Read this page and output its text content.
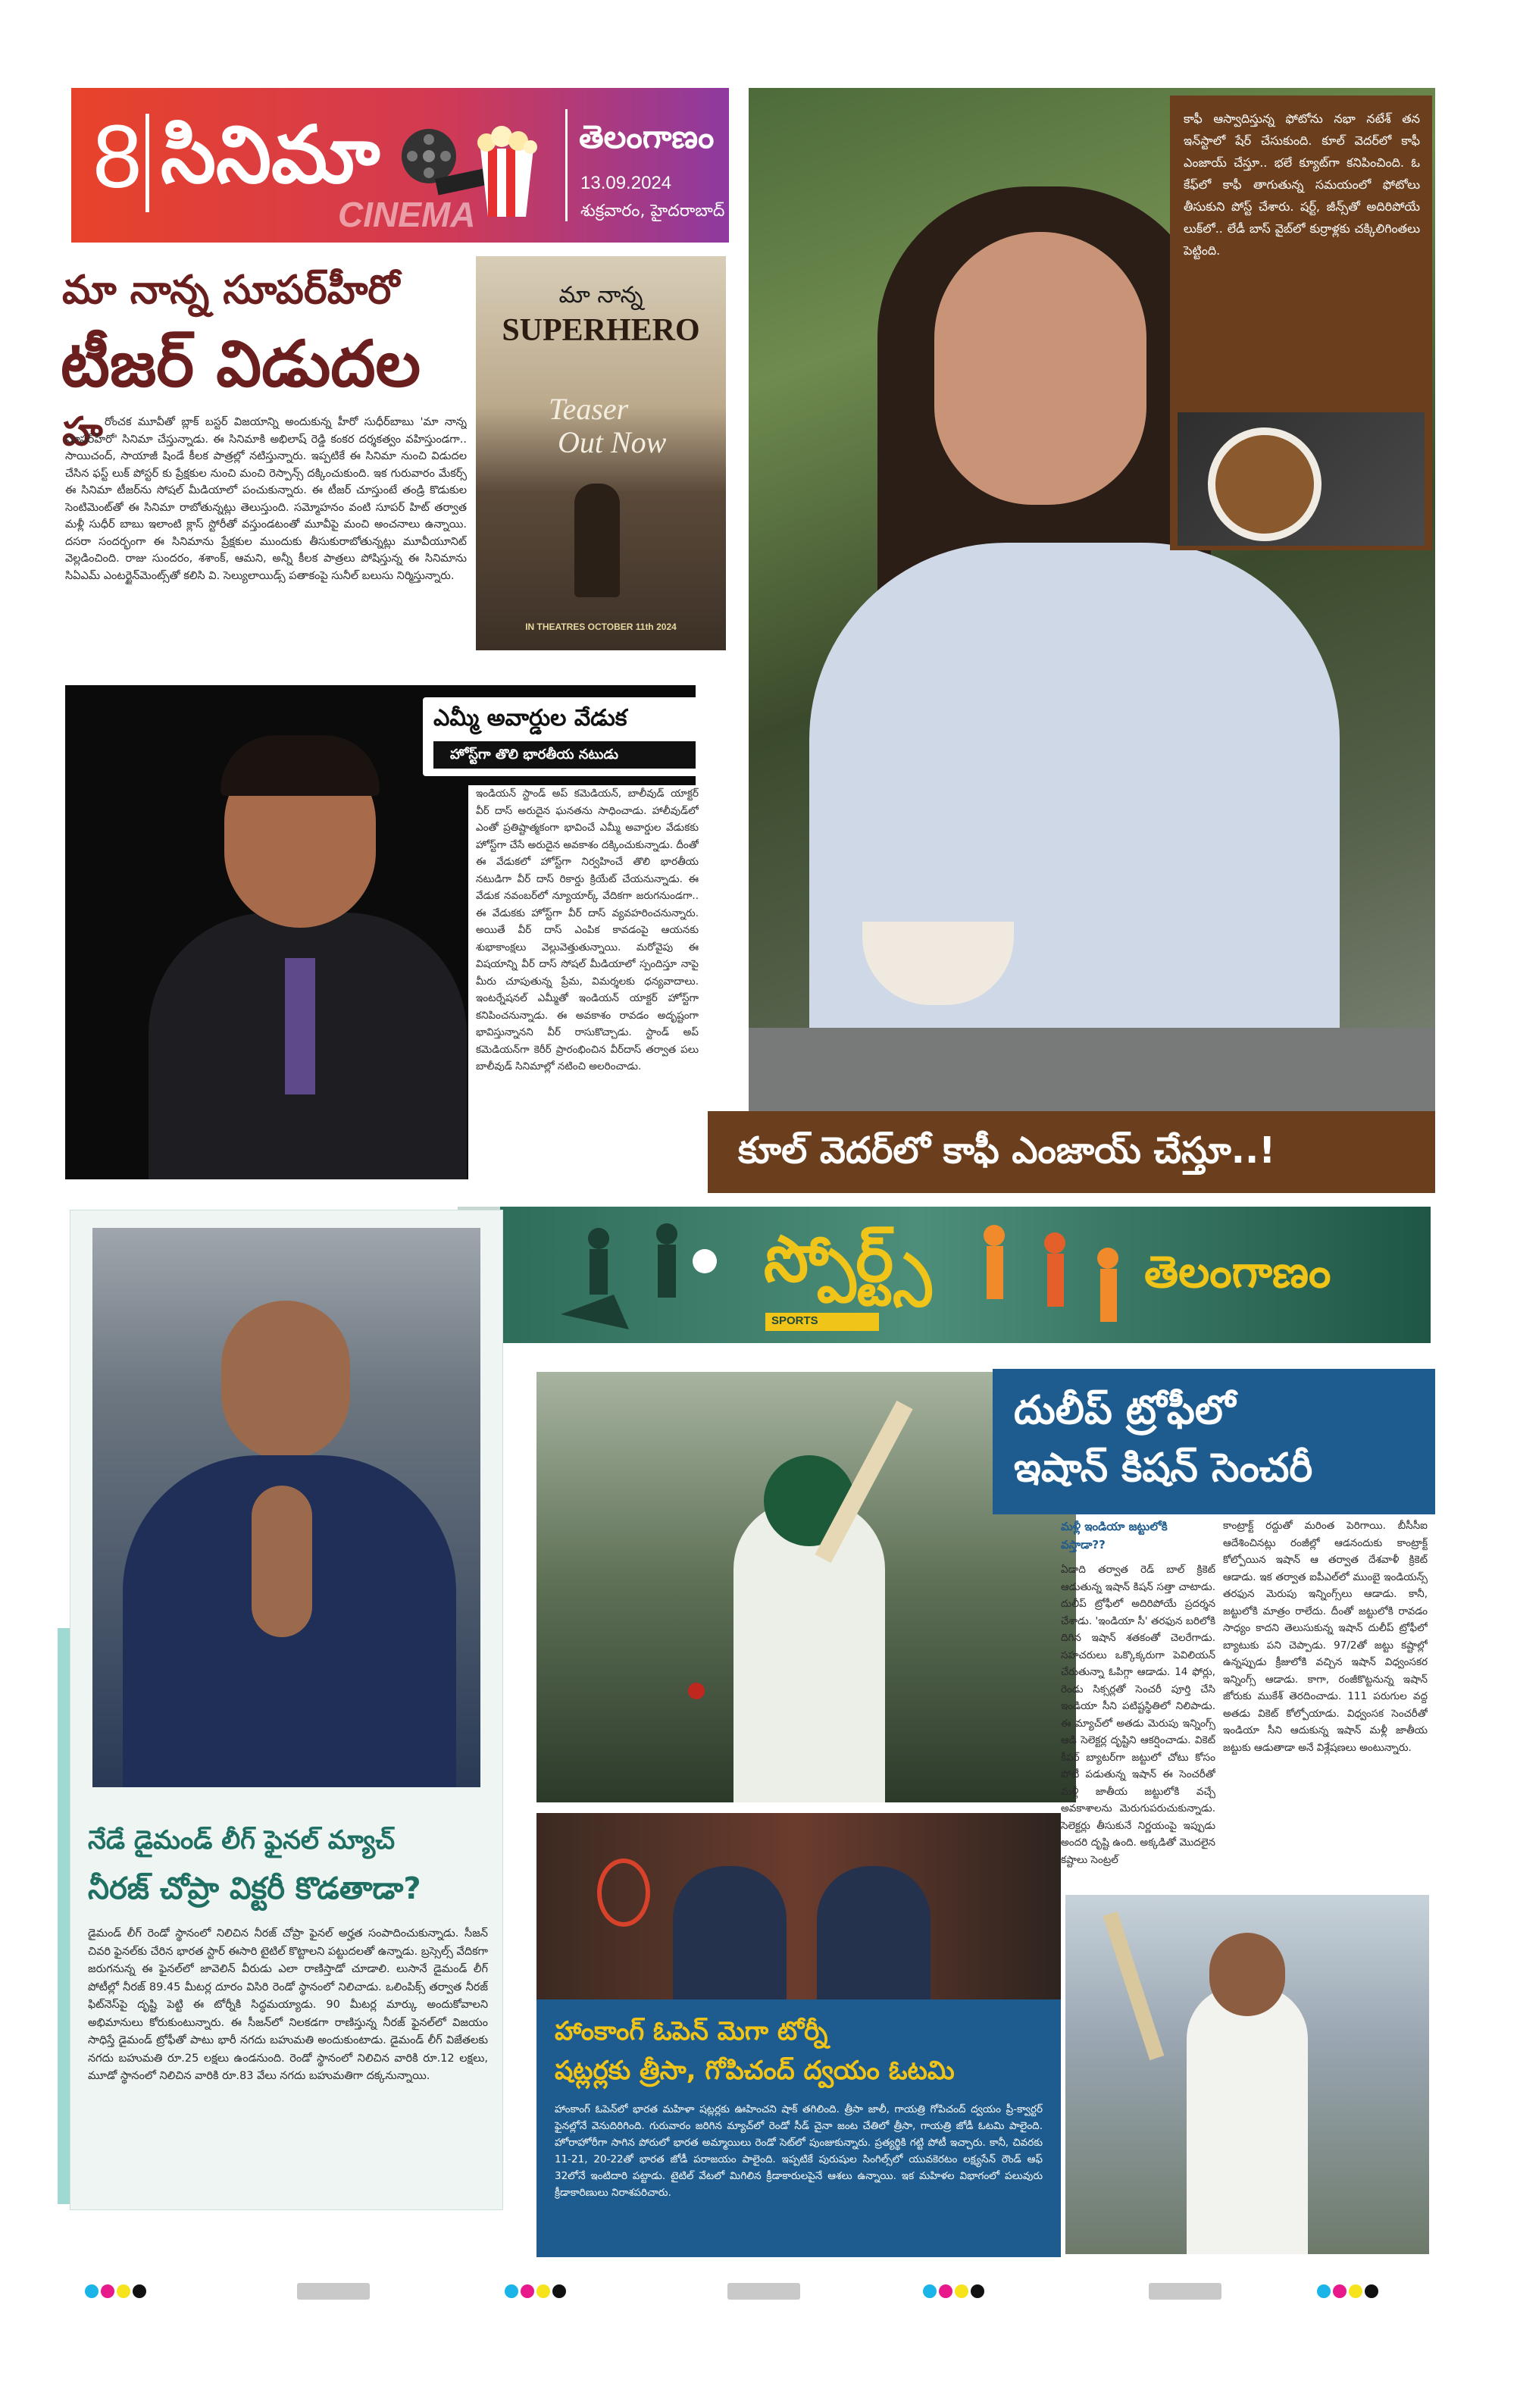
8 సినిమా
CINEMA
తెలంగాణం
13.09.2024
శుక్రవారం, హైదరాబాద్
మా నాన్న సూపర్‌హీరో
టీజర్ విడుదల
హ రోంచక మూవీతో బ్లాక్ బస్టర్ విజయాన్ని అందుకున్న హీరో సుధీర్‌బాబు 'మా నాన్న సూపర్‌హీరో' సినిమా చేస్తున్నాడు. ఈ సినిమాకి అభిలాష్ రెడ్డి కంకర దర్శకత్వం వహిస్తుండగా.. సాయిచంద్, సాయాజీ షిండే కీలక పాత్రల్లో నటిస్తున్నారు. ఇప్పటికే ఈ సినిమా నుంచి విడుదల చేసిన ఫస్ట్ లుక్ పోస్టర్ కు ప్రేక్షకుల నుంచి మంచి రెస్పాన్స్ దక్కించుకుంది. ఇక గురువారం మేకర్స్ ఈ సినిమా టీజర్‌ను సోషల్ మీడియాలో పంచుకున్నారు. ఈ టీజర్ చూస్తుంటే తండ్రి కొడుకుల సెంటిమెంట్‌తో ఈ సినిమా రాబోతున్నట్లు తెలుస్తుంది. సమ్మోహనం వంటి సూపర్ హిట్ తర్వాత మళ్లీ సుధీర్ బాబు ఇలాంటి క్లాస్ స్టోరీతో వస్తుండటంతో మూవీపై మంచి అంచనాలు ఉన్నాయి. దసరా సందర్భంగా ఈ సినిమాను ప్రేక్షకుల ముందుకు తీసుకురాబోతున్నట్లు మూవీయూనిట్ వెల్లడించింది. రాజు సుందరం, శశాంక్, ఆమని, అన్నీ కీలక పాత్రలు పోషిస్తున్న ఈ సినిమాను సిఏఎమ్ ఎంటర్టైన్‌మెంట్స్‌తో కలిసి వి. సెల్యులాయిడ్స్ పతాకంపై సునీల్ బలుసు నిర్మిస్తున్నారు.
మా నాన్న
SUPERHERO
Teaser
Out Now
IN THEATRES OCTOBER 11th 2024
కాఫీ ఆస్వాదిస్తున్న ఫోటోను నభా నటేశ్ తన ఇన్‌స్టాలో షేర్ చేసుకుంది. కూల్ వెదర్‌లో కాఫీ ఎంజాయ్ చేస్తూ.. భలే క్యూట్‌గా కనిపించింది. ఓ కేఫ్‌లో కాఫీ తాగుతున్న సమయంలో ఫోటోలు తీసుకుని పోస్ట్ చేశారు. షర్ట్, జీన్స్‌తో అదిరిపోయే లుక్‌లో.. లేడీ బాస్ వైబ్‌లో కుర్రాళ్లకు చక్కిలిగింతలు పెట్టింది.
కూల్ వెదర్‌లో కాఫీ ఎంజాయ్ చేస్తూ..!
ఎమ్మీ అవార్డుల వేడుక
హోస్ట్‌గా తొలి భారతీయ నటుడు
ఇండియన్ స్టాండ్ అప్ కమెడియన్, బాలీవుడ్ యాక్టర్ వీర్ దాస్ అరుదైన ఘనతను సాధించాడు. హాలీవుడ్‌లో ఎంతో ప్రతిష్టాత్మకంగా భావించే ఎమ్మీ అవార్డుల వేడుకకు హోస్ట్‌గా చేసే అరుదైన అవకాశం దక్కించుకున్నాడు. దీంతో ఈ వేడుకలో హోస్ట్‌గా నిర్వహించే తొలి భారతీయ నటుడిగా వీర్ దాస్ రికార్డు క్రియేట్ చేయనున్నాడు. ఈ వేడుక నవంబర్‌లో న్యూయార్క్ వేదికగా జరుగనుండగా.. ఈ వేడుకకు హోస్ట్‌గా వీర్ దాస్ వ్యవహరించనున్నారు. అయితే వీర్ దాస్ ఎంపిక కావడంపై ఆయనకు శుభాకాంక్షలు వెల్లువెత్తుతున్నాయి. మరోవైపు ఈ విషయాన్ని వీర్ దాస్ సోషల్ మీడియాలో స్పందిస్తూ నాపై మీరు చూపుతున్న ప్రేమ, విమర్శలకు ధన్యవాదాలు. ఇంటర్నేషనల్ ఎమ్మీతో ఇండియన్ యాక్టర్ హోస్ట్‌గా కనిపించనున్నాడు. ఈ అవకాశం రావడం అదృష్టంగా భావిస్తున్నానని వీర్ రాసుకొచ్చాడు. స్టాండ్ అప్ కమెడియన్‌గా కెరీర్ ప్రారంభించిన వీర్‌దాస్ తర్వాత పలు బాలీవుడ్ సినిమాల్లో నటించి అలరించాడు.
స్పోర్ట్స్
SPORTS
తెలంగాణం
నేడే డైమండ్ లీగ్ ఫైనల్ మ్యాచ్
నీరజ్ చోప్రా విక్టరీ కొడతాడా?
డైమండ్ లీగ్ రెండో స్థానంలో నిలిచిన నీరజ్ చోప్రా ఫైనల్ అర్హత సంపాదించుకున్నాడు. సీజన్ చివరి ఫైనల్‌కు చేరిన భారత స్టార్ ఈసారి టైటిల్ కొట్టాలని పట్టుదలతో ఉన్నాడు. బ్రస్సెల్స్ వేదికగా జరుగనున్న ఈ ఫైనల్‌లో జావెలిన్ వీరుడు ఎలా రాణిస్తాడో చూడాలి. లుసానే డైమండ్ లీగ్ పోటీల్లో నీరజ్ 89.45 మీటర్ల దూరం విసిరి రెండో స్థానంలో నిలిచాడు. ఒలింపిక్స్ తర్వాత నీరజ్ ఫిట్‌నెస్‌పై దృష్టి పెట్టి ఈ టోర్నీకి సిద్ధమయ్యాడు. 90 మీటర్ల మార్కు అందుకోవాలని అభిమానులు కోరుకుంటున్నారు. ఈ సీజన్‌లో నిలకడగా రాణిస్తున్న నీరజ్ ఫైనల్‌లో విజయం సాధిస్తే డైమండ్ ట్రోఫీతో పాటు భారీ నగదు బహుమతి అందుకుంటాడు. డైమండ్ లీగ్ విజేతలకు నగదు బహుమతి రూ.25 లక్షలు ఉండనుంది. రెండో స్థానంలో నిలిచిన వారికి రూ.12 లక్షలు, మూడో స్థానంలో నిలిచిన వారికి రూ.83 వేలు నగదు బహుమతిగా దక్కనున్నాయి.
దులీప్ ట్రోఫీలో
ఇషాన్ కిషన్ సెంచరీ
మళ్లీ ఇండియా జట్టులోకి వస్తాడా??
ఏడాది తర్వాత రెడ్ బాల్ క్రికెట్ ఆడుతున్న ఇషాన్ కిషన్ సత్తా చాటాడు. దులీప్ ట్రోఫీలో అదిరిపోయే ప్రదర్శన చేశాడు. 'ఇండియా సీ' తరఫున బరిలోకి దిగిన ఇషాన్ శతకంతో చెలరేగాడు. సహచరులు ఒక్కొక్కరుగా పెవిలియన్ చేరుతున్నా ఓపిగ్గా ఆడాడు. 14 ఫోర్లు, రెండు సిక్సర్లతో సెంచరీ పూర్తి చేసి ఇండియా సీని పటిష్టస్థితిలో నిలిపాడు. ఈ మ్యాచ్‌లో అతడు మెరుపు ఇన్నింగ్స్ ఆడి సెలెక్టర్ల దృష్టిని ఆకర్షించాడు. వికెట్ కీపర్ బ్యాటర్‌గా జట్టులో చోటు కోసం పోటీ పడుతున్న ఇషాన్ ఈ సెంచరీతో మళ్లీ జాతీయ జట్టులోకి వచ్చే అవకాశాలను మెరుగుపరుచుకున్నాడు. సెలెక్టర్లు తీసుకునే నిర్ణయంపై ఇప్పుడు అందరి దృష్టి ఉంది. అక్కడితో మొదలైన కష్టాలు సెంట్రల్
కాంట్రాక్ట్ రద్దుతో మరింత పెరిగాయి. బీసీసీఐ ఆదేశించినట్లు రంజీల్లో ఆడనందుకు కాంట్రాక్ట్ కోల్పోయిన ఇషాన్ ఆ తర్వాత దేశవాళీ క్రికెట్ ఆడాడు. ఇక తర్వాత ఐపీఎల్‌లో ముంబై ఇండియన్స్ తరఫున మెరుపు ఇన్నింగ్స్‌లు ఆడాడు. కానీ, జట్టులోకి మాత్రం రాలేదు. దీంతో జట్టులోకి రావడం సాధ్యం కాదని తెలుసుకున్న ఇషాన్ దులీప్ ట్రోఫీలో బ్యాటుకు పని చెప్పాడు. 97/2తో జట్టు కష్టాల్లో ఉన్నప్పుడు క్రీజులోకి వచ్చిన ఇషాన్ విధ్వంసకర ఇన్నింగ్స్ ఆడాడు. కాగా, రంజీకొట్టనున్న ఇషాన్ జోరుకు ముకేశ్ తెరదించాడు. 111 పరుగుల వద్ద అతడు వికెట్ కోల్పోయాడు. విధ్వంసక సెంచరీతో ఇండియా సీని ఆదుకున్న ఇషాన్ మళ్లీ జాతీయ జట్టుకు ఆడుతాడా అనే విశ్లేషణలు అంటున్నారు.
హాంకాంగ్ ఓపెన్ మెగా టోర్నీ
షట్లర్లకు త్రీసా, గోపిచంద్ ద్వయం ఓటమి
హాంకాంగ్ ఓపెన్‌లో భారత మహిళా షట్లర్లకు ఊహించని షాక్ తగిలింది. త్రీసా జాలీ, గాయత్రి గోపిచంద్ ద్వయం ప్రీ-క్వార్టర్ ఫైనల్లోనే వెనుదిరిగింది. గురువారం జరిగిన మ్యాచ్‌లో రెండో సీడ్ చైనా జంట చేతిలో త్రీసా, గాయత్రి జోడీ ఓటమి పాలైంది. హోరాహోరీగా సాగిన పోరులో భారత అమ్మాయిలు రెండో సెట్‌లో పుంజుకున్నారు. ప్రత్యర్థికి గట్టి పోటీ ఇచ్చారు. కానీ, చివరకు 11-21, 20-22తో భారత జోడీ పరాజయం పాలైంది. ఇప్పటికే పురుషుల సింగిల్స్‌లో యువకెరటం లక్ష్యసేన్ రౌండ్ ఆఫ్ 32లోనే ఇంటిదారి పట్టాడు. టైటిల్ వేటలో మిగిలిన క్రీడాకారులపైనే ఆశలు ఉన్నాయి. ఇక మహిళల విభాగంలో పలువురు క్రీడాకారిణులు నిరాశపరిచారు.
